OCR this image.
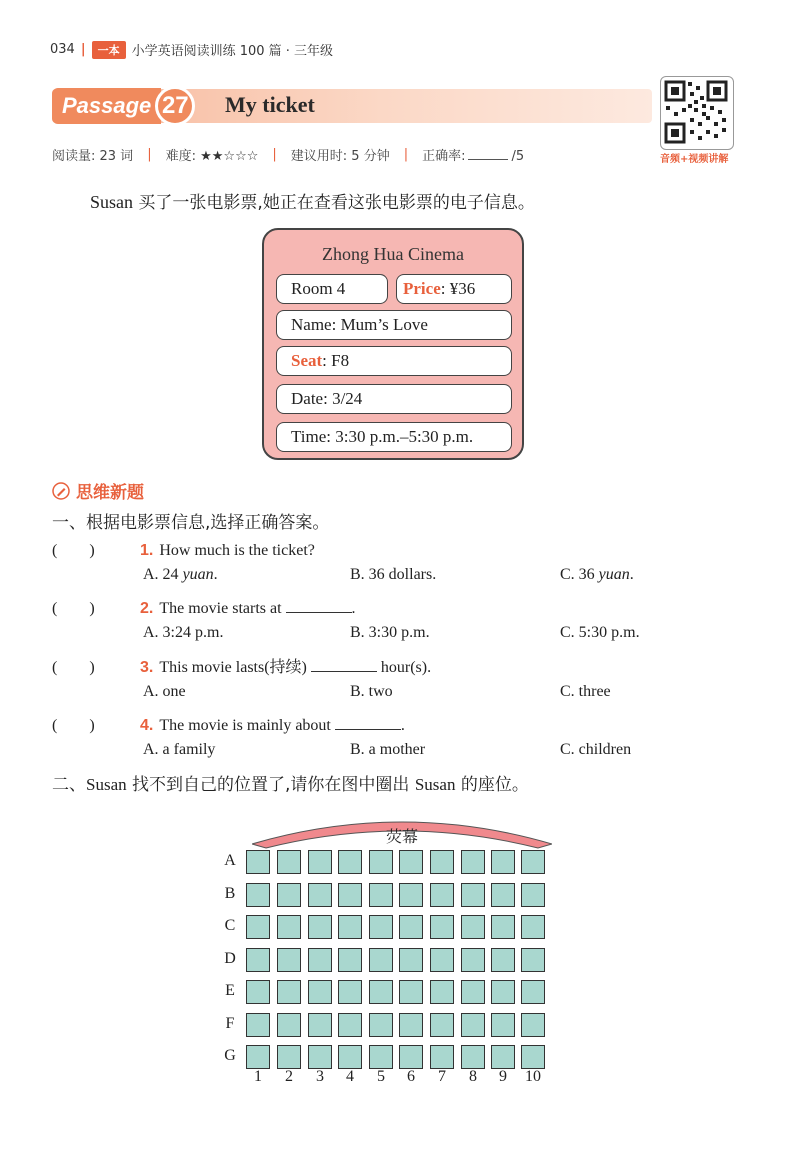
034 |	一本 小学英语阅读训练 100 篇 · 三年级
Passage 27	My ticket
音频+视频讲解
阅读量: 23 词 | 难度: ★★☆☆☆ | 建议用时: 5 分钟 | 正确率:	/5
Susan 买了一张电影票,她正在查看这张电影票的电子信息。
Zhong Hua Cinema
Room 4	Price: ¥36
Name: Mum’s Love
Seat: F8
Date: 3/24
Time: 3:30 p.m.–5:30 p.m.
思维新题
一、根据电影票信息,选择正确答案。
(　　)	1. How much is the ticket?
A. 24 yuan.	B. 36 dollars.	C. 36 yuan.
(　　)	2. The movie starts at	.
A. 3:24 p.m.	B. 3:30 p.m.	C. 5:30 p.m.
(　　)	3. This movie lasts(持续)	hour(s).
A. one	B. two	C. three
(　　)	4. The movie is mainly about	.
A. a family	B. a mother	C. children
二、Susan 找不到自己的位置了,请你在图中圈出 Susan 的座位。
荧幕
A
B
C
D
E
F
G
1	2	3	4	5	6	7	8	9	10
